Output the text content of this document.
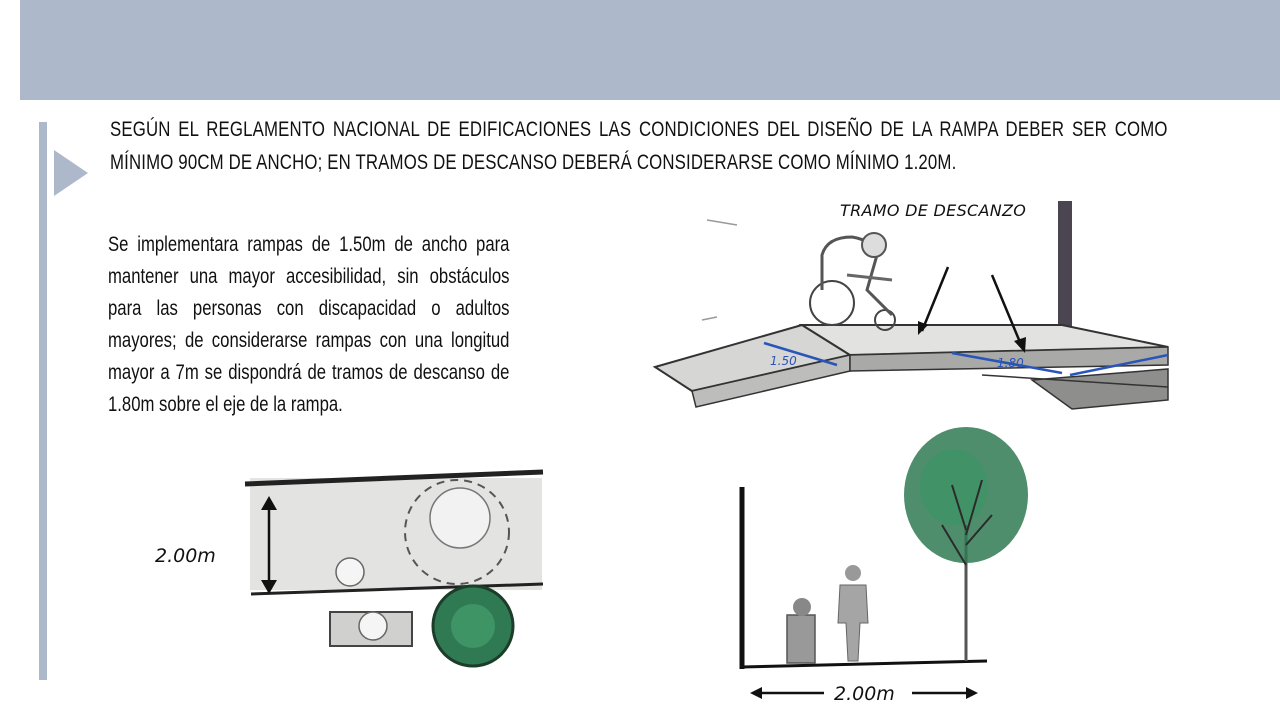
SEGÚN EL REGLAMENTO NACIONAL DE EDIFICACIONES LAS CONDICIONES DEL DISEÑO DE LA RAMPA DEBER SER COMO MÍNIMO 90CM DE ANCHO; EN TRAMOS DE DESCANSO DEBERÁ CONSIDERARSE COMO MÍNIMO 1.20M.

Se implementara rampas de 1.50m de ancho para mantener una mayor accesibilidad, sin obstáculos para las personas con discapacidad o adultos mayores; de considerarse rampas con una longitud mayor a 7m se dispondrá de tramos de descanso de 1.80m sobre el eje de la rampa.

1.50	1.80
TRAMO DE DESCANZO
2.00m
2.00m
